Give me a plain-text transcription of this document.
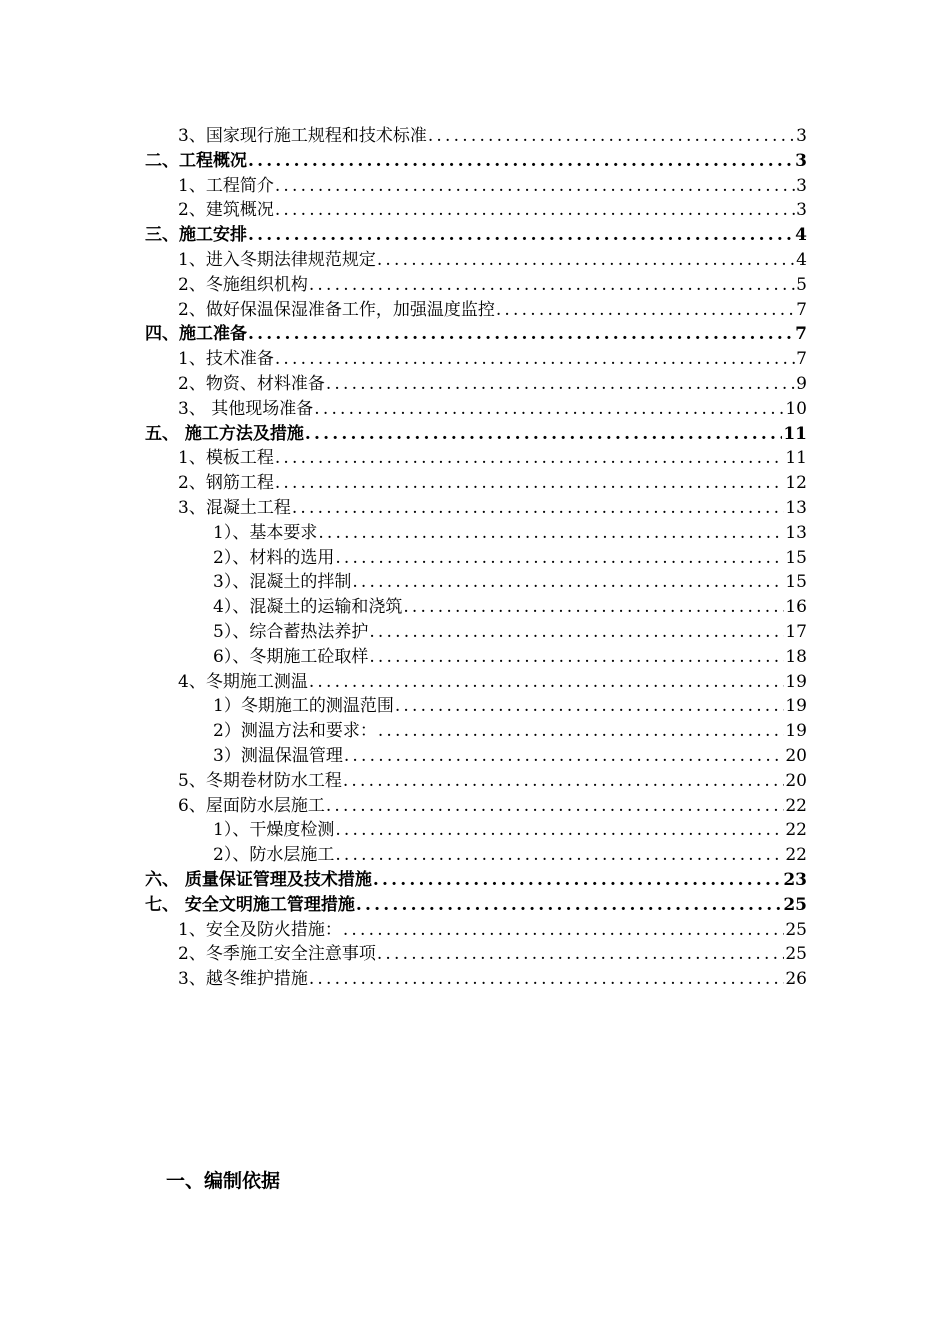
3、国家现行施工规程和技术标准 .....	3
二、工程概况 .....	3
1、工程简介 .....	3
2、建筑概况 .....	3
三、施工安排 .....	4
1、进入冬期法律规范规定 .....	4
2、冬施组织机构 .....	5
2、做好保温保湿准备工作，加强温度监控 .....	7
四、施工准备 .....	7
1、技术准备 .....	7
2、物资、材料准备 .....	9
3、 其他现场准备 .....	10
五、 施工方法及措施 .....	11
1、模板工程 .....	11
2、钢筋工程 .....	12
3、混凝土工程 .....	13
1）、基本要求 .....	13
2）、材料的选用 .....	15
3）、混凝土的拌制 .....	15
4）、混凝土的运输和浇筑 .....	16
5）、综合蓄热法养护 .....	17
6）、冬期施工砼取样 .....	18
4、冬期施工测温 .....	19
1）冬期施工的测温范围 .....	19
2）测温方法和要求： .....	19
3）测温保温管理 .....	20
5、冬期卷材防水工程 .....	20
6、屋面防水层施工 .....	22
1）、干燥度检测 .....	22
2）、防水层施工 .....	22
六、 质量保证管理及技术措施 .....	23
七、 安全文明施工管理措施 .....	25
1、安全及防火措施： .....	25
2、冬季施工安全注意事项 .....	25
3、越冬维护措施 .....	26
一、编制依据
